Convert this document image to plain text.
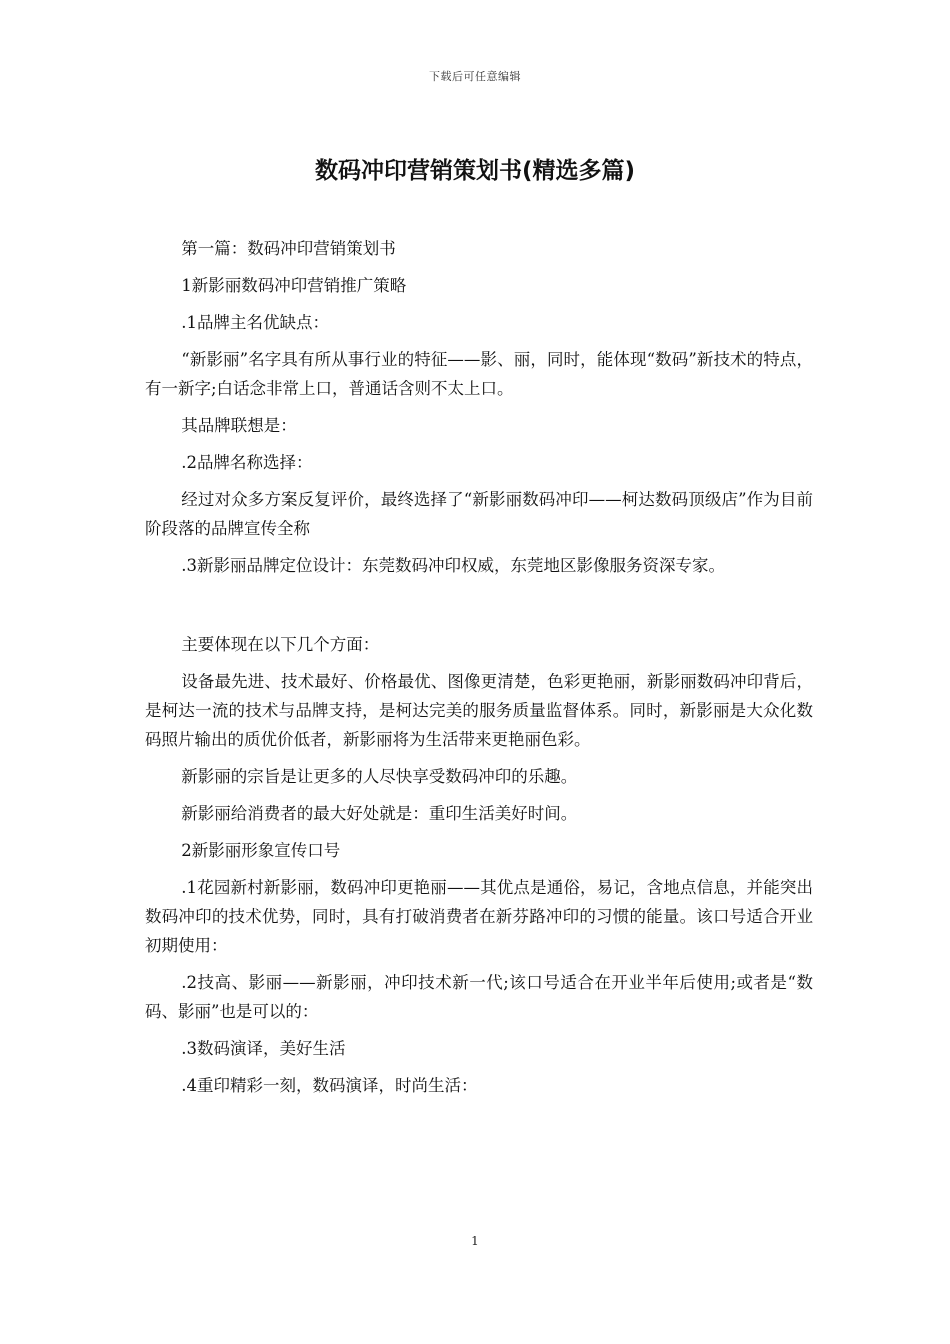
下载后可任意编辑
数码冲印营销策划书(精选多篇)

第一篇：数码冲印营销策划书

1新影丽数码冲印营销推广策略

.1品牌主名优缺点：

“新影丽”名字具有所从事行业的特征——影、丽，同时，能体现“数码”新技术的特点，有一新字;白话念非常上口，普通话含则不太上口。

其品牌联想是：

.2品牌名称选择：

经过对众多方案反复评价，最终选择了“新影丽数码冲印——柯达数码顶级店”作为目前阶段落的品牌宣传全称

.3新影丽品牌定位设计：东莞数码冲印权威，东莞地区影像服务资深专家。

主要体现在以下几个方面：

设备最先进、技术最好、价格最优、图像更清楚，色彩更艳丽，新影丽数码冲印背后，是柯达一流的技术与品牌支持，是柯达完美的服务质量监督体系。同时，新影丽是大众化数码照片输出的质优价低者，新影丽将为生活带来更艳丽色彩。

新影丽的宗旨是让更多的人尽快享受数码冲印的乐趣。

新影丽给消费者的最大好处就是：重印生活美好时间。

2新影丽形象宣传口号

.1花园新村新影丽，数码冲印更艳丽——其优点是通俗，易记，含地点信息，并能突出数码冲印的技术优势，同时，具有打破消费者在新芬路冲印的习惯的能量。该口号适合开业初期使用：

.2技高、影丽——新影丽，冲印技术新一代;该口号适合在开业半年后使用;或者是“数码、影丽”也是可以的：

.3数码演译，美好生活

.4重印精彩一刻，数码演译，时尚生活：

1
